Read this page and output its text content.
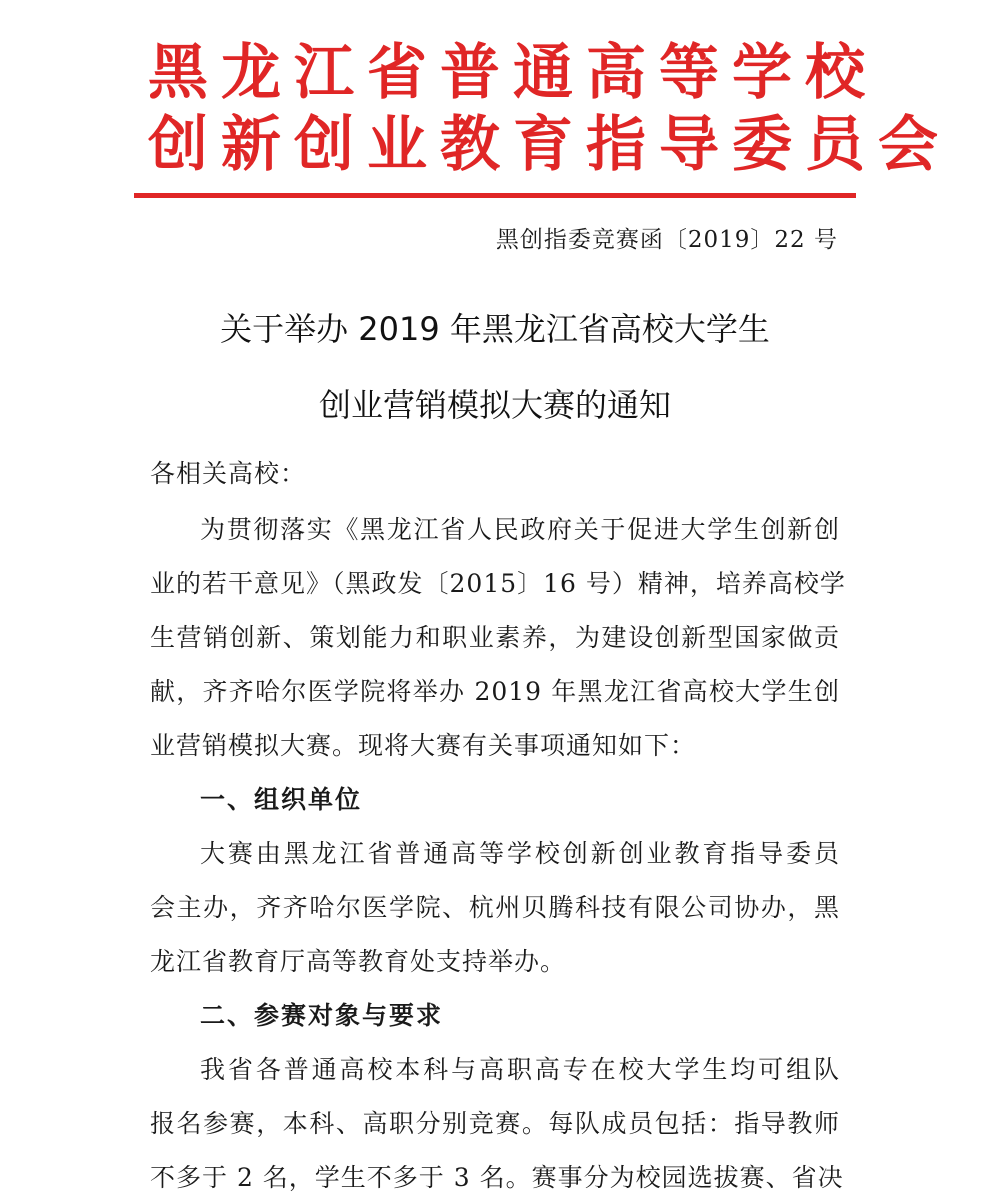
黑龙江省普通高等学校
创新创业教育指导委员会
黑创指委竞赛函〔2019〕22 号
关于举办 2019 年黑龙江省高校大学生
创业营销模拟大赛的通知
各相关高校：
为贯彻落实《黑龙江省人民政府关于促进大学生创新创
业的若干意见》（黑政发〔2015〕16 号）精神，培养高校学
生营销创新、策划能力和职业素养，为建设创新型国家做贡
献，齐齐哈尔医学院将举办 2019 年黑龙江省高校大学生创
业营销模拟大赛。现将大赛有关事项通知如下：
一、组织单位
大赛由黑龙江省普通高等学校创新创业教育指导委员
会主办，齐齐哈尔医学院、杭州贝腾科技有限公司协办，黑
龙江省教育厅高等教育处支持举办。
二、参赛对象与要求
我省各普通高校本科与高职高专在校大学生均可组队
报名参赛，本科、高职分别竞赛。每队成员包括：指导教师
不多于 2 名，学生不多于 3 名。赛事分为校园选拔赛、省决
